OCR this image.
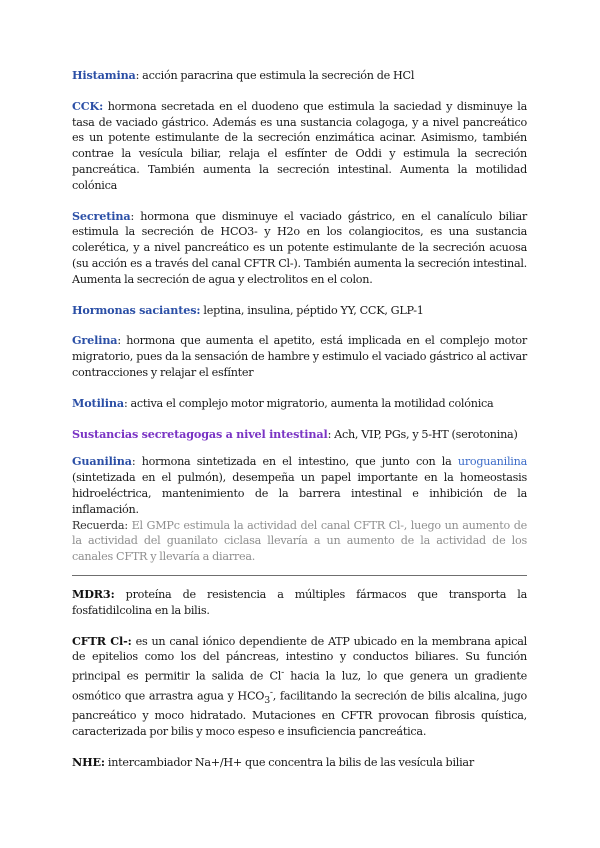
Histamina: acción paracrina que estimula la secreción de HCl

CCK: hormona secretada en el duodeno que estimula la saciedad y disminuye la tasa de vaciado gástrico. Además es una sustancia colagoga, y a nivel pancreático es un potente estimulante de la secreción enzimática acinar. Asimismo, también contrae la vesícula biliar, relaja el esfínter de Oddi y estimula la secreción pancreática. También aumenta la secreción intestinal. Aumenta la motilidad colónica

Secretina: hormona que disminuye el vaciado gástrico, en el canalículo biliar estimula la secreción de HCO3- y H2o en los colangiocitos, es una sustancia colerética, y a nivel pancreático es un potente estimulante de la secreción acuosa (su acción es a través del canal CFTR Cl-). También aumenta la secreción intestinal. Aumenta la secreción de agua y electrolitos en el colon.

Hormonas saciantes: leptina, insulina, péptido YY, CCK, GLP-1

Grelina: hormona que aumenta el apetito, está implicada en el complejo motor migratorio, pues da la sensación de hambre y estimulo el vaciado gástrico al activar contracciones y relajar el esfínter

Motilina: activa el complejo motor migratorio, aumenta la motilidad colónica

Sustancias secretagogas a nivel intestinal: Ach, VIP, PGs, y 5-HT (serotonina)

Guanilina: hormona sintetizada en el intestino, que junto con la uroguanilina (sintetizada en el pulmón), desempeña un papel importante en la homeostasis hidroeléctrica, mantenimiento de la barrera intestinal e inhibición de la inflamación.

Recuerda: El GMPc estimula la actividad del canal CFTR Cl-, luego un aumento de la actividad del guanilato ciclasa llevaría a un aumento de la actividad de los canales CFTR y llevaría a diarrea.

MDR3: proteína de resistencia a múltiples fármacos que transporta la fosfatidilcolina en la bilis.

CFTR Cl-: es un canal iónico dependiente de ATP ubicado en la membrana apical de epitelios como los del páncreas, intestino y conductos biliares. Su función principal es permitir la salida de Cl- hacia la luz, lo que genera un gradiente osmótico que arrastra agua y $HCO_3^-$, facilitando la secreción de bilis alcalina, jugo pancreático y moco hidratado. Mutaciones en CFTR provocan fibrosis quística, caracterizada por bilis y moco espeso e insuficiencia pancreática.

NHE: intercambiador Na+/H+ que concentra la bilis de las vesícula biliar
